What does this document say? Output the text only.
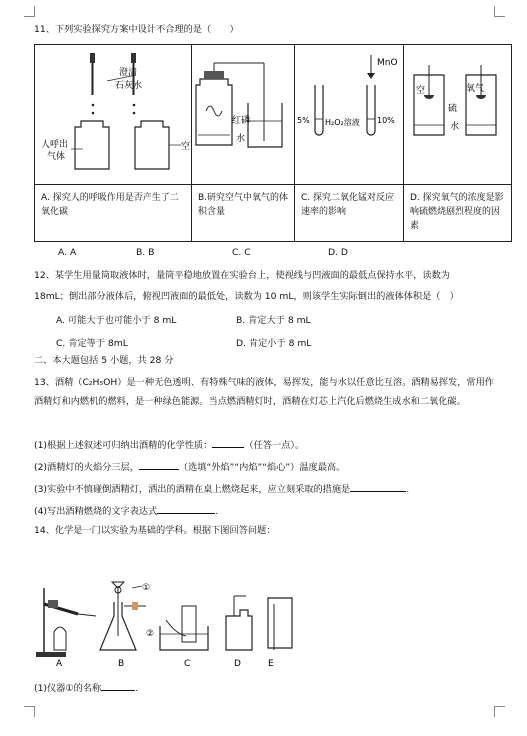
11、下列实验探究方案中设计不合理的是（　　）
澄清
石灰水
人呼出
气体
空	红磷
水	MnO
5% H₂O₂溶液 10%	空
硫
氧气
水

A. 探究人的呼吸作用是否产生了二氧化碳	B.研究空气中氧气的体积含量	C. 探究二氧化锰对反应速率的影响	D. 探究氧气的浓度是影响硫燃烧剧烈程度的因素
A. A	B. B	C. C	D. D
12、某学生用量筒取液体时，量筒平稳地放置在实验台上，使视线与凹液面的最低点保持水平，读数为
18mL；倒出部分液体后，俯视凹液面的最低处，读数为 10 mL，则该学生实际倒出的液体体积是（　）
A. 可能大于也可能小于 8 mL	B. 肯定大于 8 mL
C. 肯定等于 8mL	D. 肯定小于 8 mL
二、本大题包括 5 小题，共 28 分
13、酒精（C₂H₅OH）是一种无色透明、有特殊气味的液体，易挥发，能与水以任意比互溶。酒精易挥发，常用作酒精灯和内燃机的燃料，是一种绿色能源。当点燃酒精灯时，酒精在灯芯上汽化后燃烧生成水和二氧化碳。
(1)根据上述叙述可归纳出酒精的化学性质：	（任答一点）。
(2)酒精灯的火焰分三层，	（选填“外焰”“内焰”“焰心”）温度最高。
(3)实验中不慎碰倒酒精灯，洒出的酒精在桌上燃烧起来，应立刻采取的措施是	.
(4)写出酒精燃烧的文字表达式	.
14、化学是一门以实验为基础的学科。根据下图回答问题：
A
①
B
②
C	D	E
(1)仪器①的名称	.
